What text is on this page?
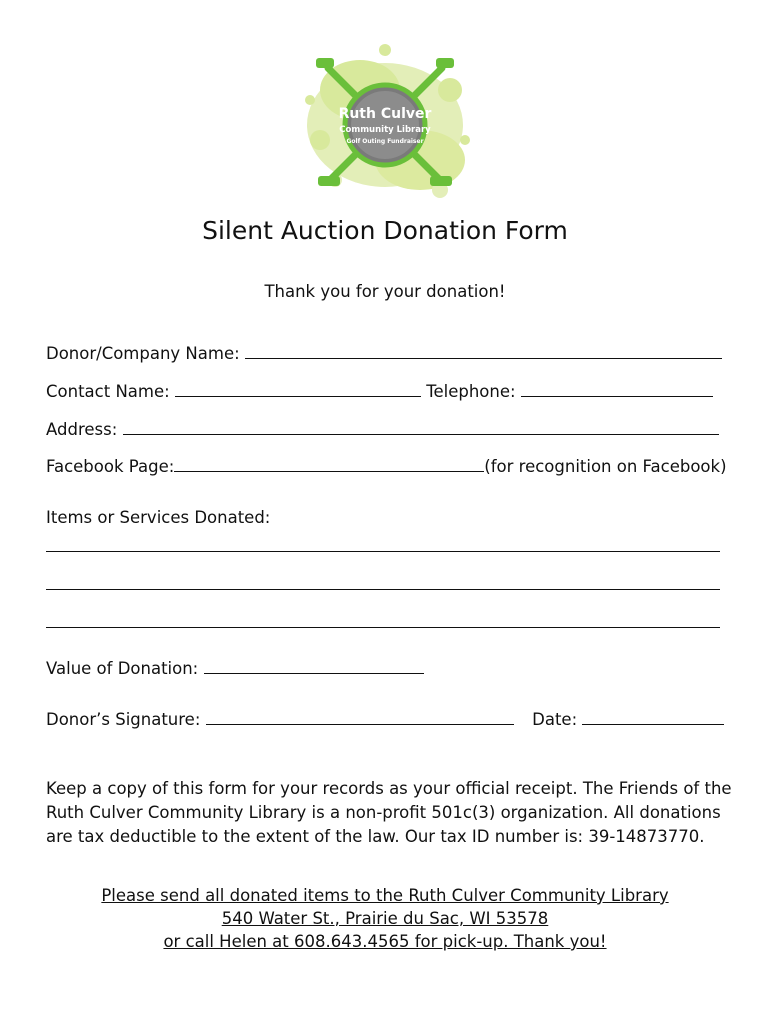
Ruth Culver
Community Library
Golf Outing Fundraiser
Silent Auction Donation Form
Thank you for your donation!
Donor/Company Name:
Contact Name:	Telephone:
Address:
Facebook Page:	(for recognition on Facebook)
Items or Services Donated:
Value of Donation:
Donor’s Signature:	Date:
Keep a copy of this form for your records as your official receipt. The Friends of the Ruth Culver Community Library is a non-profit 501c(3) organization. All donations are tax deductible to the extent of the law. Our tax ID number is: 39-14873770.
Please send all donated items to the Ruth Culver Community Library
540 Water St., Prairie du Sac, WI 53578
or call Helen at 608.643.4565 for pick-up. Thank you!
